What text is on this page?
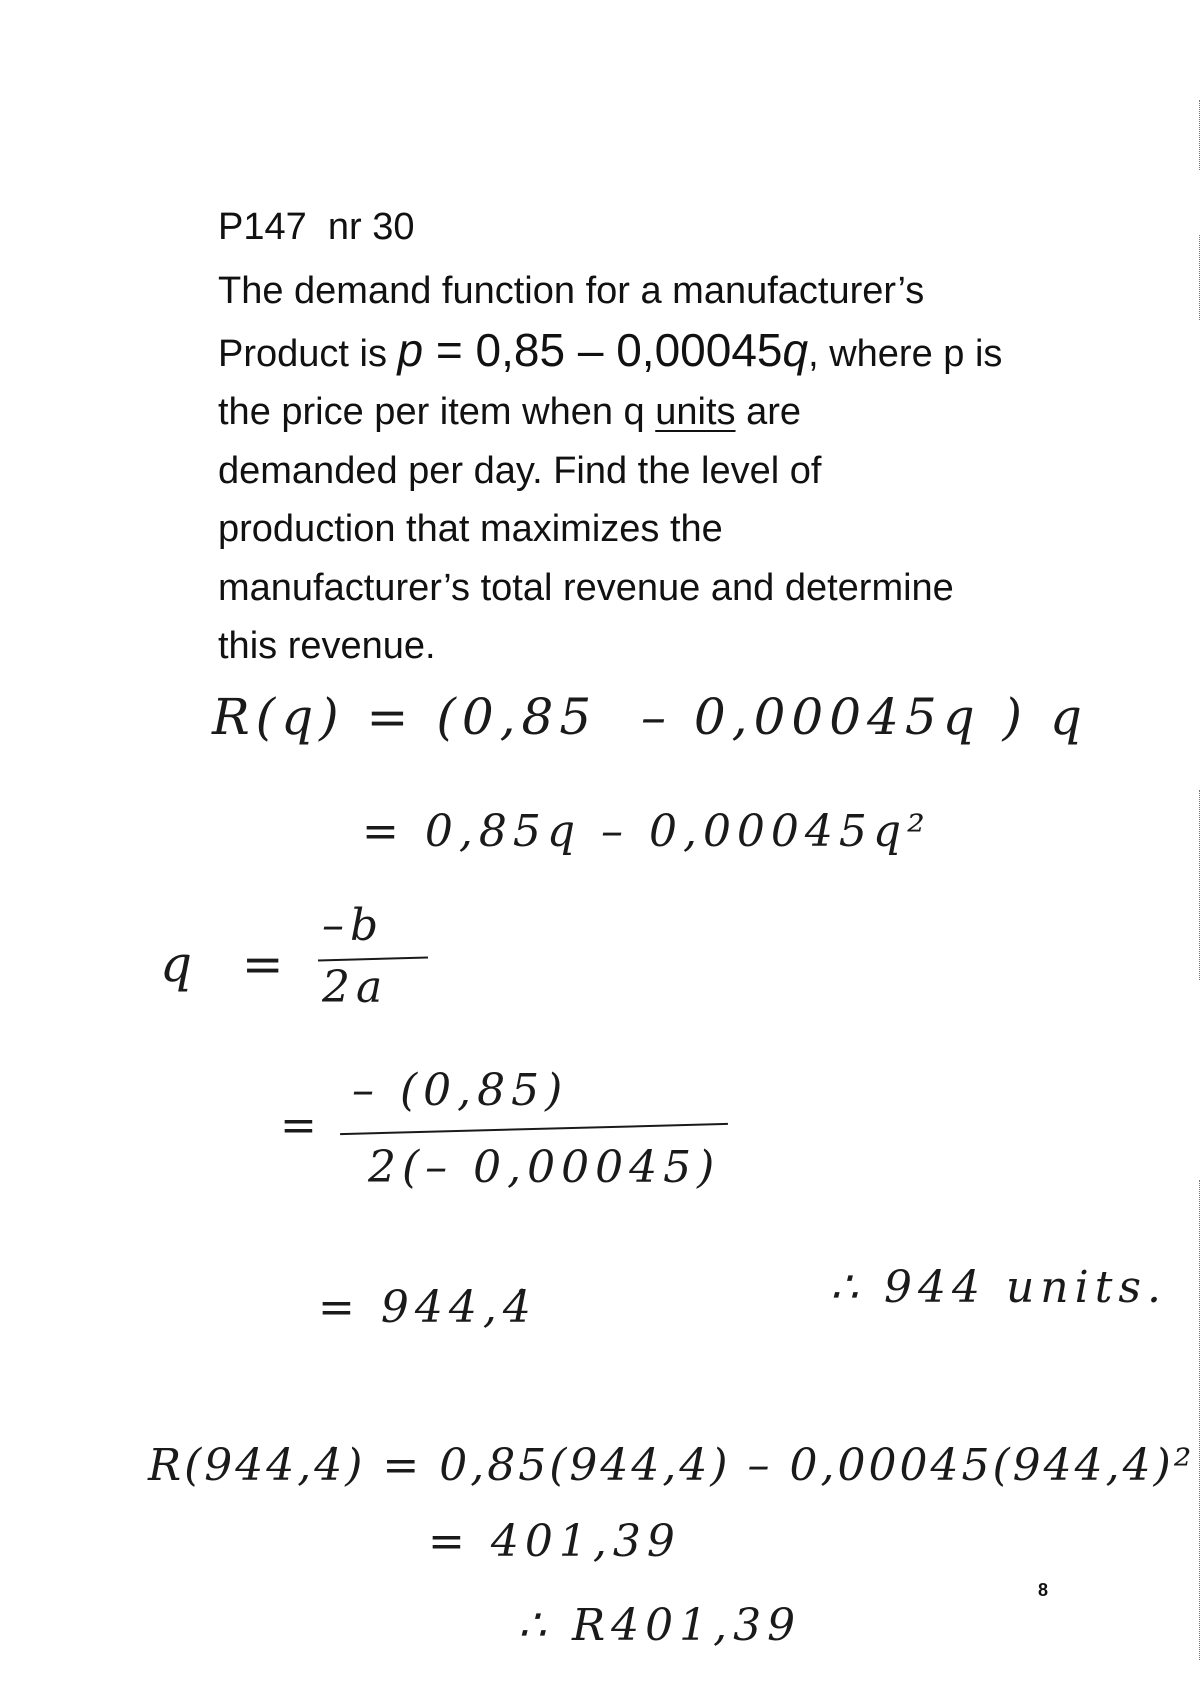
P147  nr 30
The demand function for a manufacturer’s
Product is p = 0,85 – 0,00045q, where p is
the price per item when q units are
demanded per day. Find the level of
production that maximizes the
manufacturer’s total revenue and determine
this revenue.
R(q) = (0,85  – 0,00045q ) q
= 0,85q – 0,00045q²
q  =
–b
2a
=
– (0,85)
2(– 0,00045)
= 944,4̇	∴ 944 units.
R(944,4̇) = 0,85(944,4) – 0,00045(944,4)²
= 401,39
∴ R401,39
8
